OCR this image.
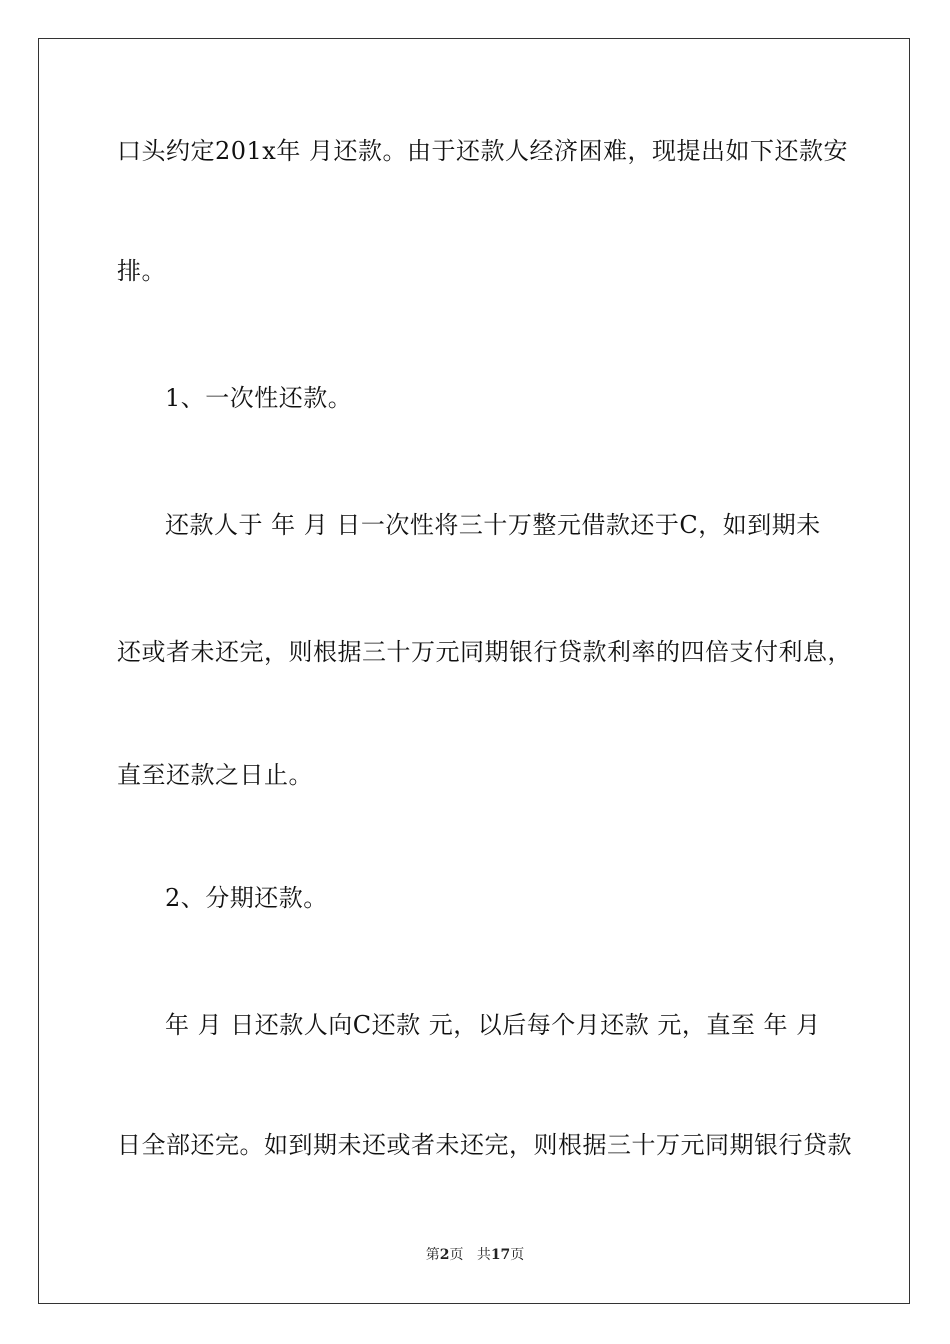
口头约定201x年 月还款。由于还款人经济困难，现提出如下还款安
排。
1、一次性还款。
还款人于 年 月 日一次性将三十万整元借款还于C，如到期未
还或者未还完，则根据三十万元同期银行贷款利率的四倍支付利息，
直至还款之日止。
2、分期还款。
年 月 日还款人向C还款 元，以后每个月还款 元，直至 年 月
日全部还完。如到期未还或者未还完，则根据三十万元同期银行贷款
第2页 共17页
